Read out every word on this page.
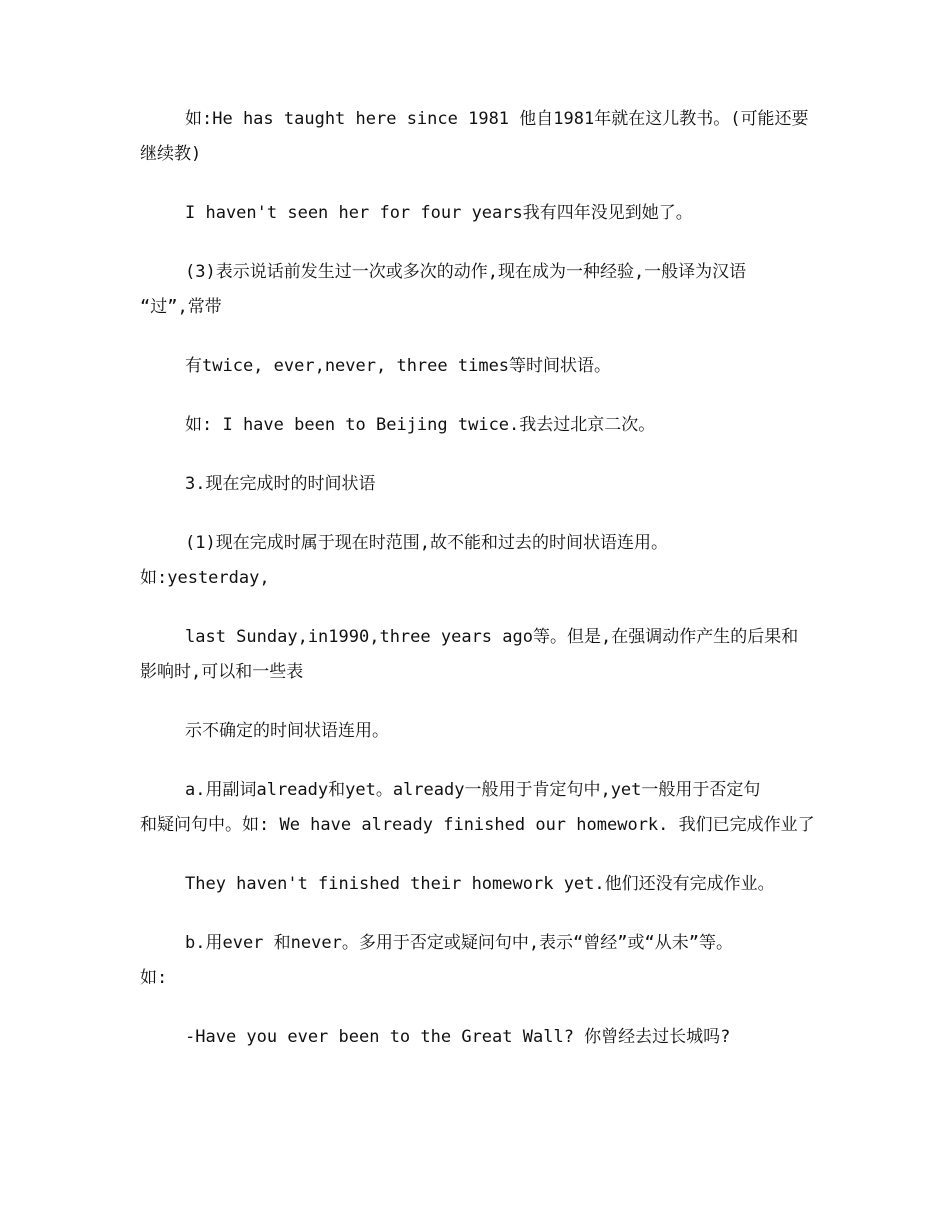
如:He has taught here since 1981 他自1981年就在这儿教书。(可能还要

继续教)

I haven't seen her for four years我有四年没见到她了。

(3)表示说话前发生过一次或多次的动作,现在成为一种经验,一般译为汉语

“过”,常带

有twice, ever,never, three times等时间状语。

如: I have been to Beijing twice.我去过北京二次。

3.现在完成时的时间状语

(1)现在完成时属于现在时范围,故不能和过去的时间状语连用。

如:yesterday,

last Sunday,in1990,three years ago等。但是,在强调动作产生的后果和

影响时,可以和一些表

示不确定的时间状语连用。

a.用副词already和yet。already一般用于肯定句中,yet一般用于否定句

和疑问句中。如: We have already finished our homework. 我们已完成作业了

They haven't finished their homework yet.他们还没有完成作业。

b.用ever 和never。多用于否定或疑问句中,表示“曾经”或“从未”等。

如:

-Have you ever been to the Great Wall? 你曾经去过长城吗?
